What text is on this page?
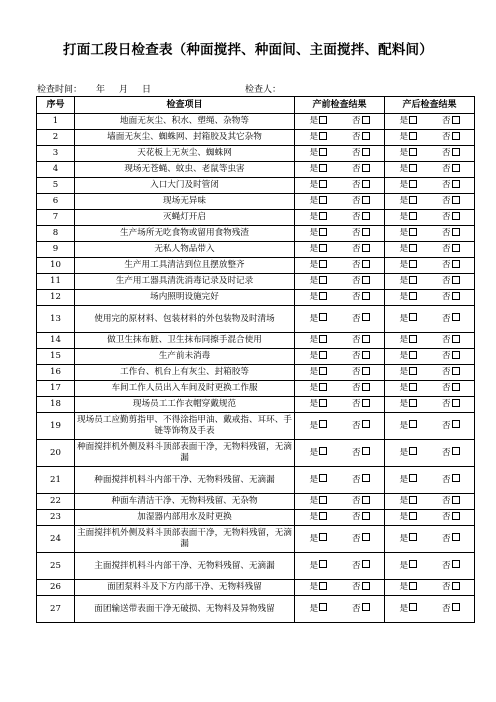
打面工段日检查表（种面搅拌、种面间、主面搅拌、配料间）
检查时间： 年 月 日	检查人：
序号	检查项目	产前检查结果	产后检查结果
1	地面无灰尘、积水、塑绳、杂物等	是 否	是 否

2	墙面无灰尘、蜘蛛网、封箱胶及其它杂物	是 否	是 否

3	天花板上无灰尘、蜘蛛网	是 否	是 否

4	现场无苍蝇、蚊虫、老鼠等虫害	是 否	是 否

5	入口大门及时管闭	是 否	是 否

6	现场无异味	是 否	是 否

7	灭蝇灯开启	是 否	是 否

8	生产场所无吃食物或留用食物残渣	是 否	是 否

9	无私人物品带入	是 否	是 否

10	生产用工具清洁到位且摆放整齐	是 否	是 否

11	生产用工器具清洗消毒记录及时记录	是 否	是 否

12	场内照明设施完好	是 否	是 否

13	使用完的原材料、包装材料的外包装物及时清场	是 否	是 否

14	做卫生抹布脏、卫生抹布同擦手混合使用	是 否	是 否

15	生产前未消毒	是 否	是 否

16	工作台、机台上有灰尘、封箱胶等	是 否	是 否

17	车间工作人员出入车间及时更换工作服	是 否	是 否

18	现场员工工作衣帽穿戴规范	是 否	是 否

19	现场员工应勤剪指甲、不得涂指甲油、戴戒指、耳环、手链等饰物及手表	是 否	是 否

20	种面搅拌机外侧及料斗顶部表面干净，无物料残留，无滴漏	是 否	是 否

21	种面搅拌机料斗内部干净、无物料残留、无滴漏	是 否	是 否

22	种面车清洁干净、无物料残留、无杂物	是 否	是 否

23	加湿器内部用水及时更换	是 否	是 否

24	主面搅拌机外侧及料斗顶部表面干净，无物料残留，无滴漏	是 否	是 否

25	主面搅拌机料斗内部干净、无物料残留、无滴漏	是 否	是 否

26	面团泵料斗及下方内部干净、无物料残留	是 否	是 否

27	面团输送带表面干净无破损、无物料及异物残留	是 否	是 否
